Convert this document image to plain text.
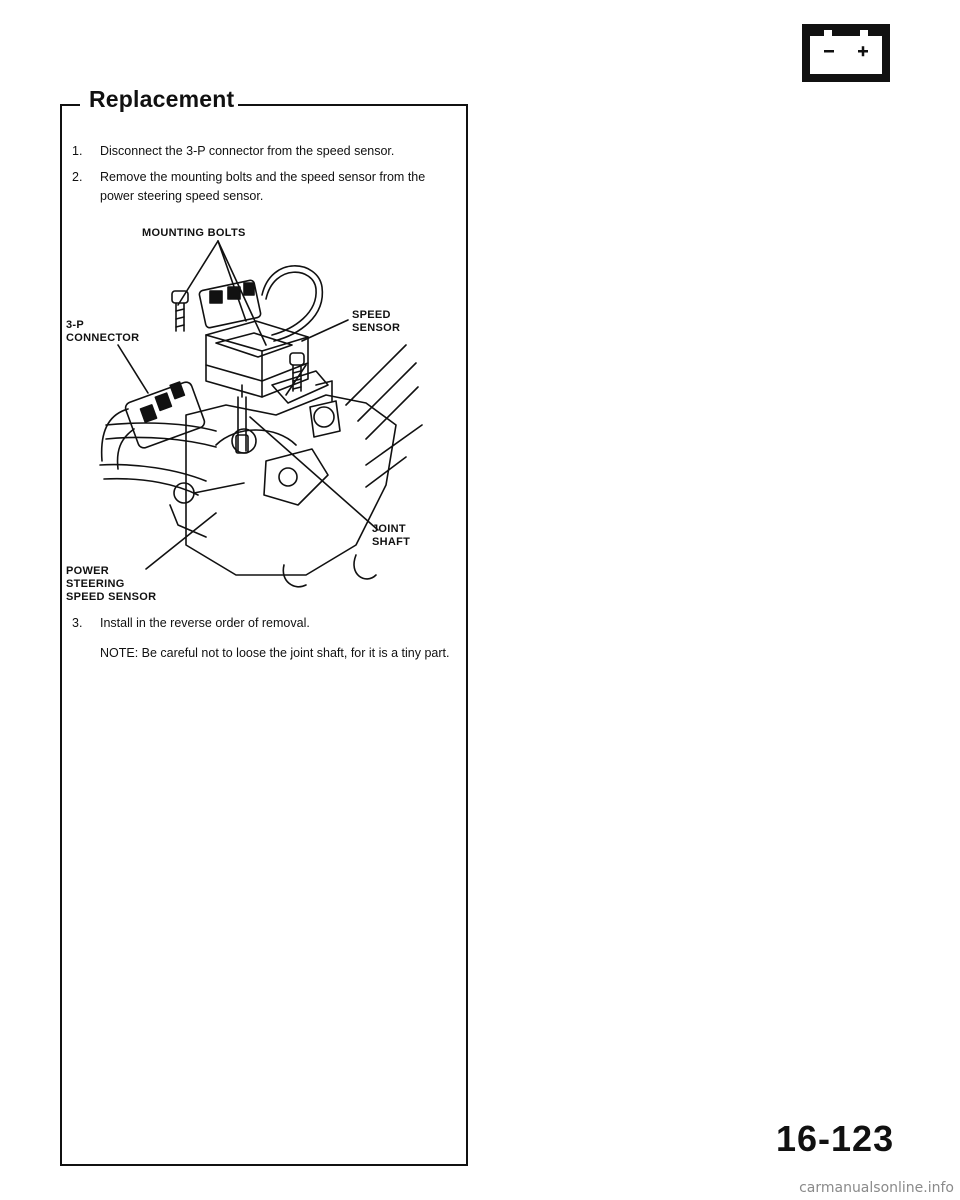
Replacement
1.	Disconnect the 3-P connector from the speed sensor.
2.	Remove the mounting bolts and the speed sensor from the power steering speed sensor.
MOUNTING BOLTS
3-P
CONNECTOR
SPEED
SENSOR
JOINT
SHAFT
POWER
STEERING
SPEED SENSOR
3.	Install in the reverse order of removal.
NOTE: Be careful not to loose the joint shaft, for it is a tiny part.
16-123
carmanualsonline.info
